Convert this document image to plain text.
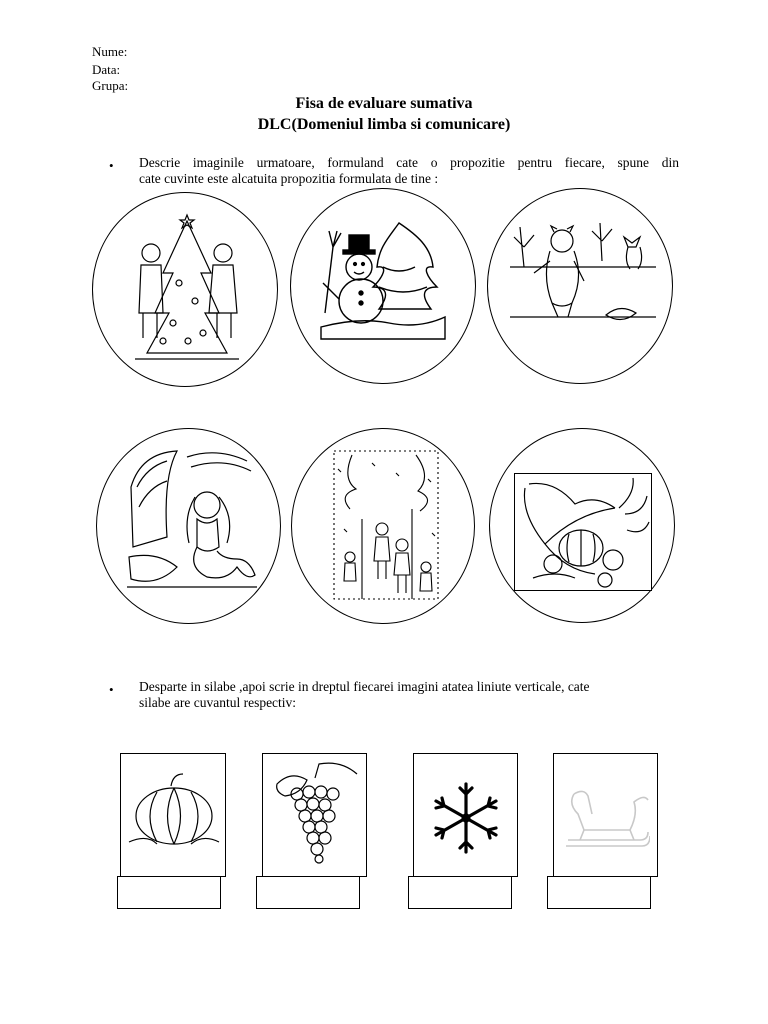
Nume:
Data:
Grupa:
Fisa de evaluare sumativa
DLC(Domeniul limba si comunicare)
• Descrie imaginile urmatoare, formuland cate o propozitie pentru fiecare, spune din
cate cuvinte este alcatuita propozitia formulata de tine :
• Desparte in silabe ,apoi scrie in dreptul fiecarei imagini atatea liniute verticale, cate
silabe are cuvantul respectiv:
